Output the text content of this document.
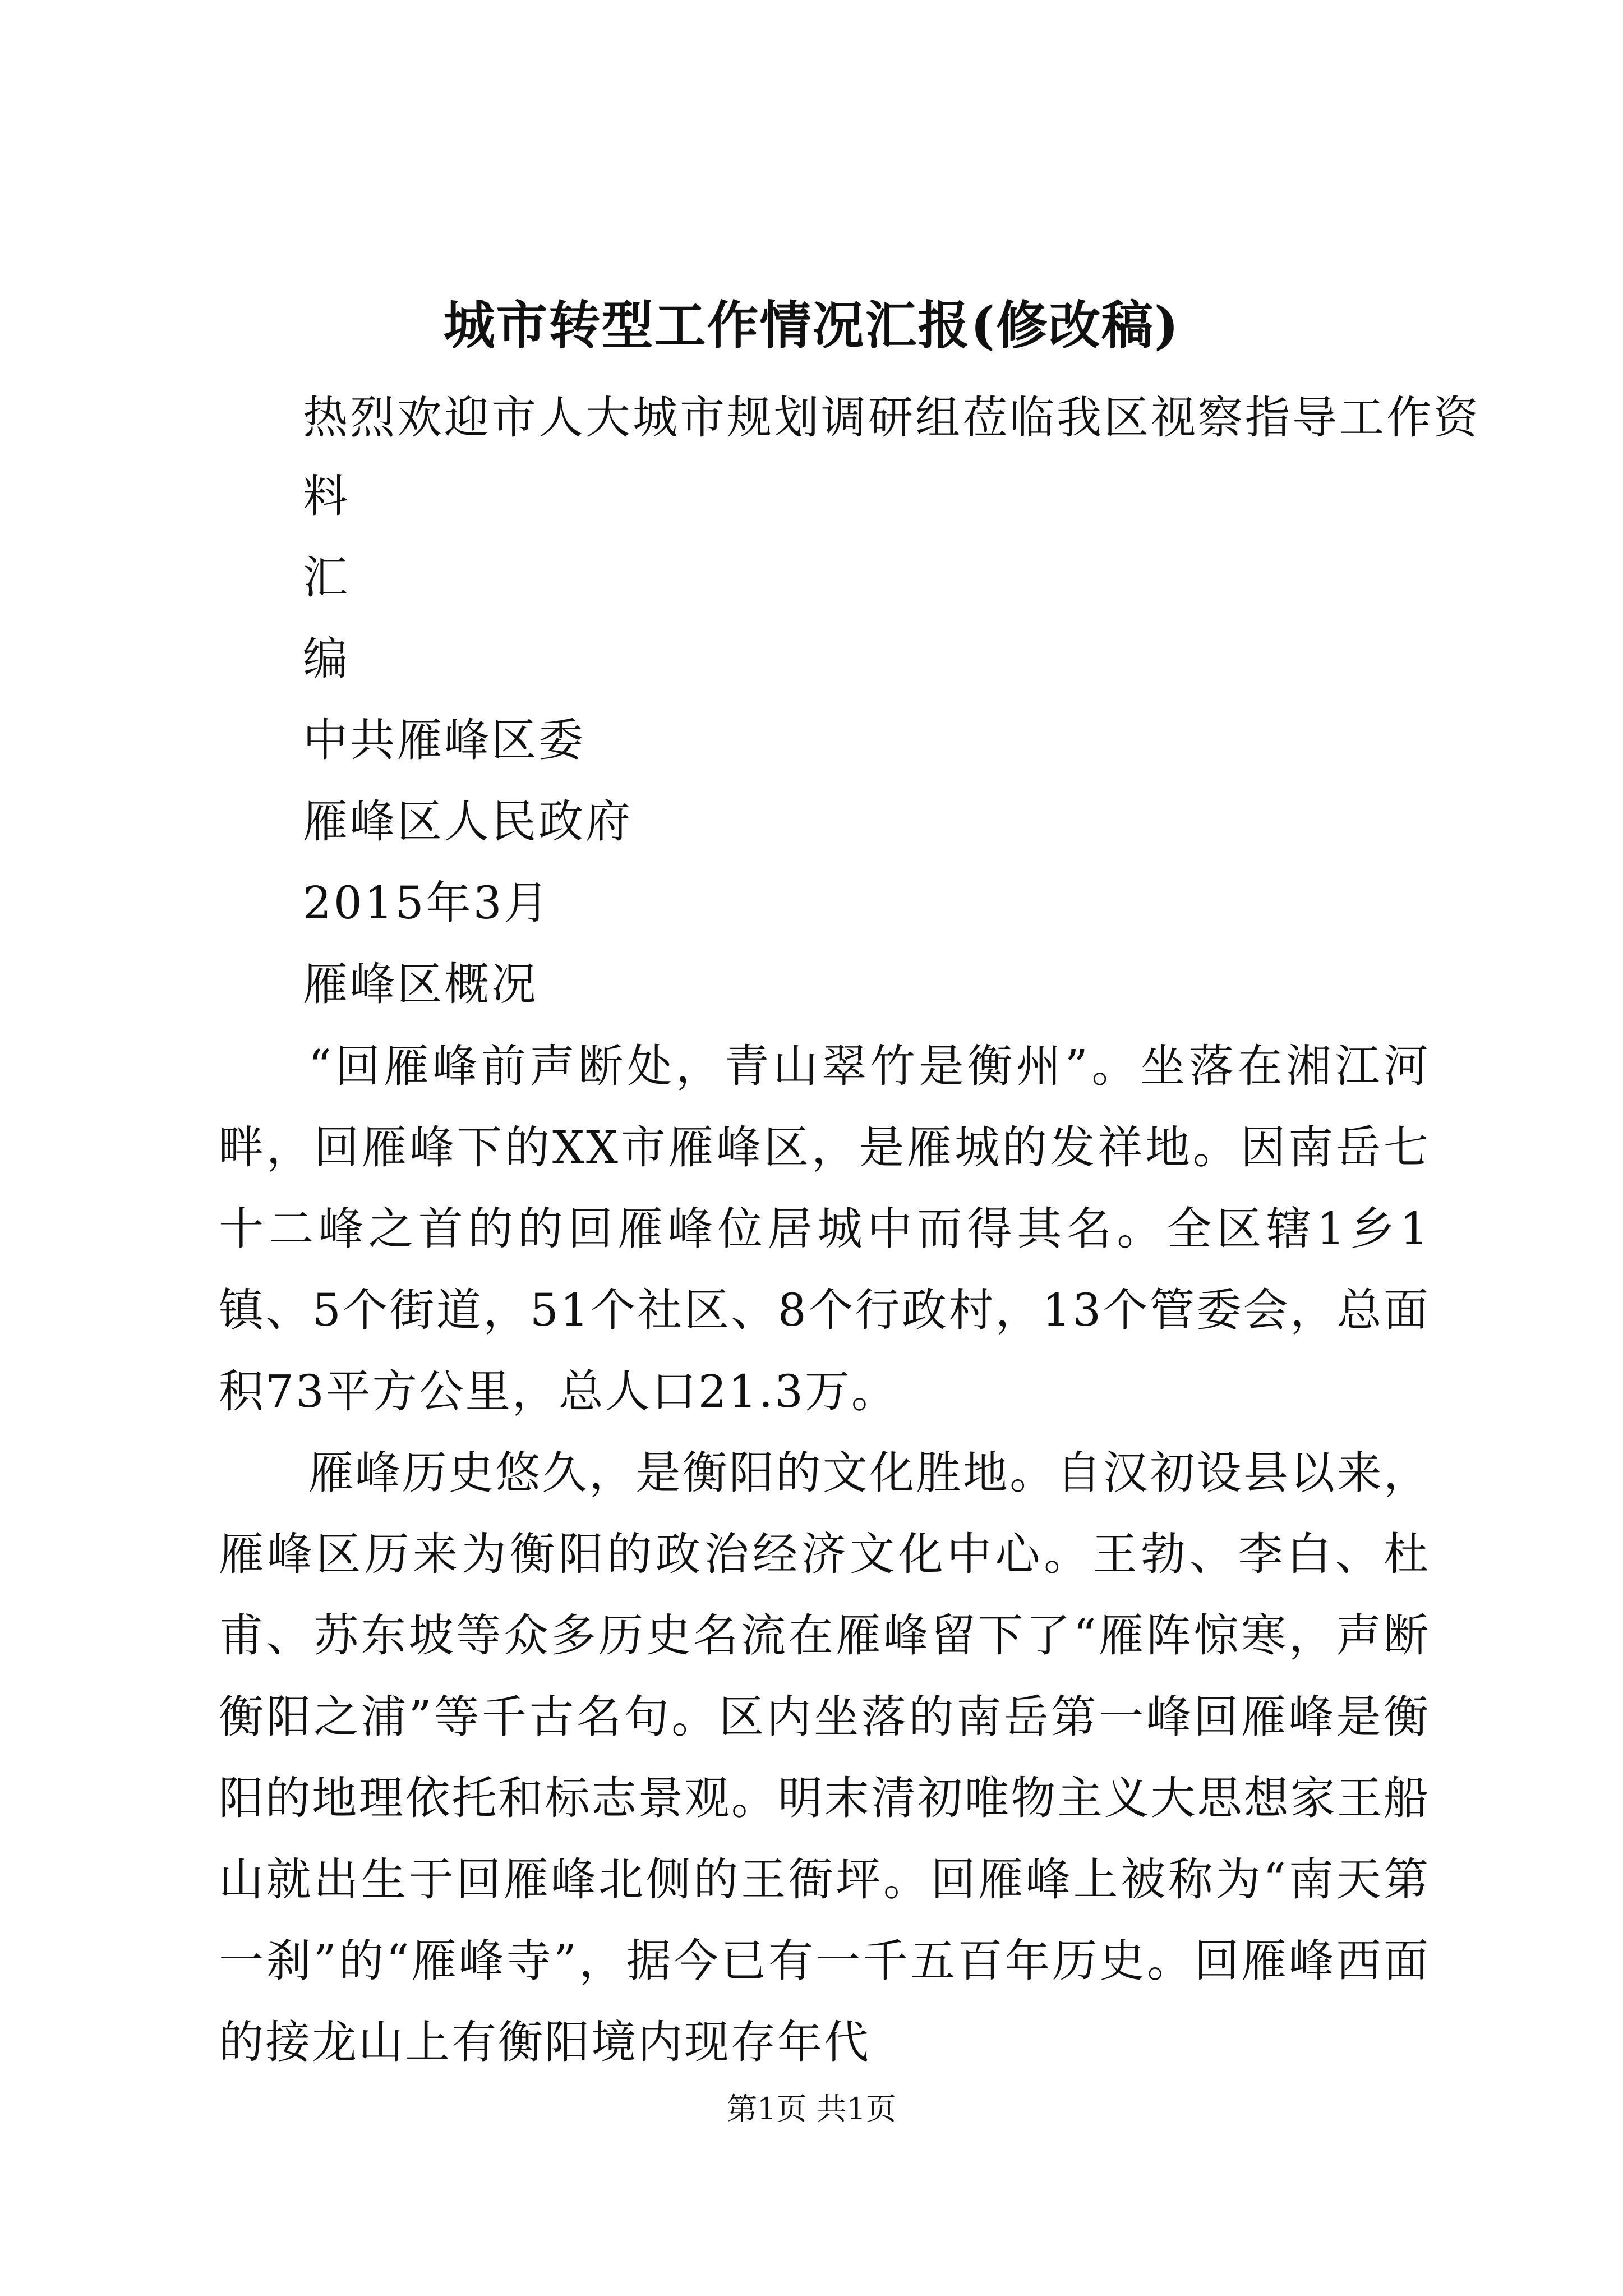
城市转型工作情况汇报(修改稿)
热烈欢迎市人大城市规划调研组莅临我区视察指导工作资
料
汇
编
中共雁峰区委
雁峰区人民政府
2015年3月
雁峰区概况

“回雁峰前声断处，青山翠竹是衡州”。坐落在湘江河畔，回雁峰下的XX市雁峰区，是雁城的发祥地。因南岳七十二峰之首的的回雁峰位居城中而得其名。全区辖1乡1镇、5个街道，51个社区、8个行政村，13个管委会，总面积73平方公里，总人口21.3万。

雁峰历史悠久，是衡阳的文化胜地。自汉初设县以来，雁峰区历来为衡阳的政治经济文化中心。王勃、李白、杜甫、苏东坡等众多历史名流在雁峰留下了“雁阵惊寒，声断衡阳之浦”等千古名句。区内坐落的南岳第一峰回雁峰是衡阳的地理依托和标志景观。明末清初唯物主义大思想家王船山就出生于回雁峰北侧的王衙坪。回雁峰上被称为“南天第一刹”的“雁峰寺”，据今已有一千五百年历史。回雁峰西面的接龙山上有衡阳境内现存年代

第1页 共1页
